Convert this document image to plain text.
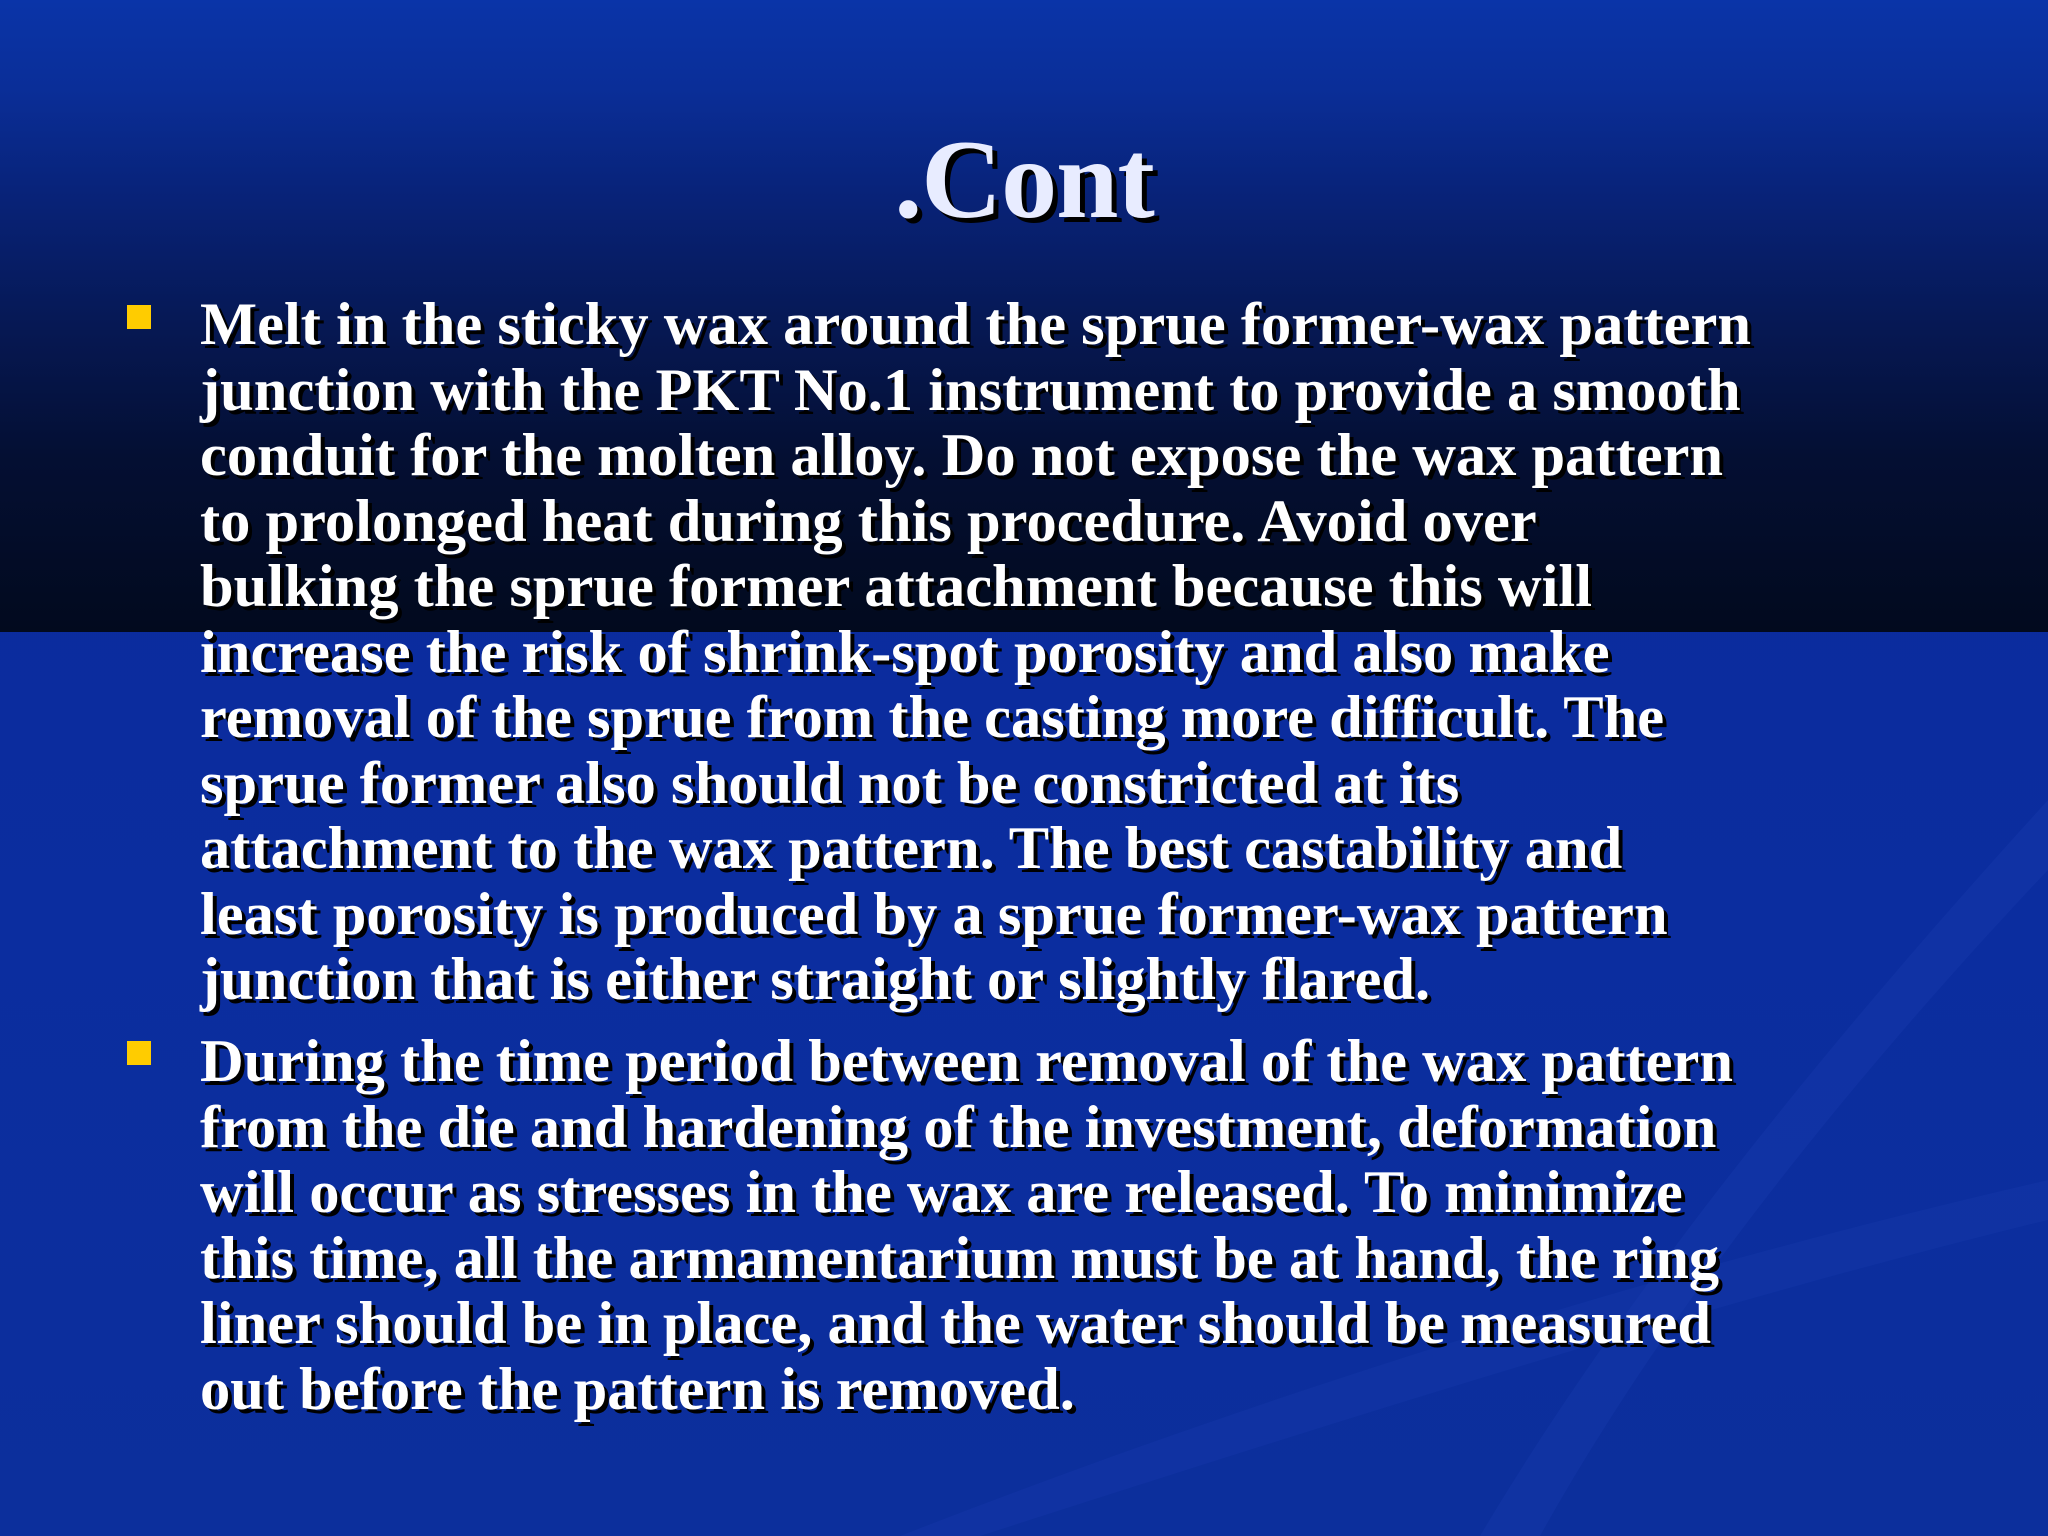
.Cont
Melt in the sticky wax around the sprue former-wax pattern
junction with the PKT No.1 instrument to provide a smooth
conduit for the molten alloy. Do not expose the wax pattern
to prolonged heat during this procedure. Avoid over
bulking the sprue former attachment because this will
increase the risk of shrink-spot porosity and also make
removal of the sprue from the casting more difficult. The
sprue former also should not be constricted at its
attachment to the wax pattern. The best castability and
least porosity is produced by a sprue former-wax pattern
junction that is either straight or slightly flared.
During the time period between removal of the wax pattern
from the die and hardening of the investment, deformation
will occur as stresses in the wax are released. To minimize
this time, all the armamentarium must be at hand, the ring
liner should be in place, and the water should be measured
out before the pattern is removed.
